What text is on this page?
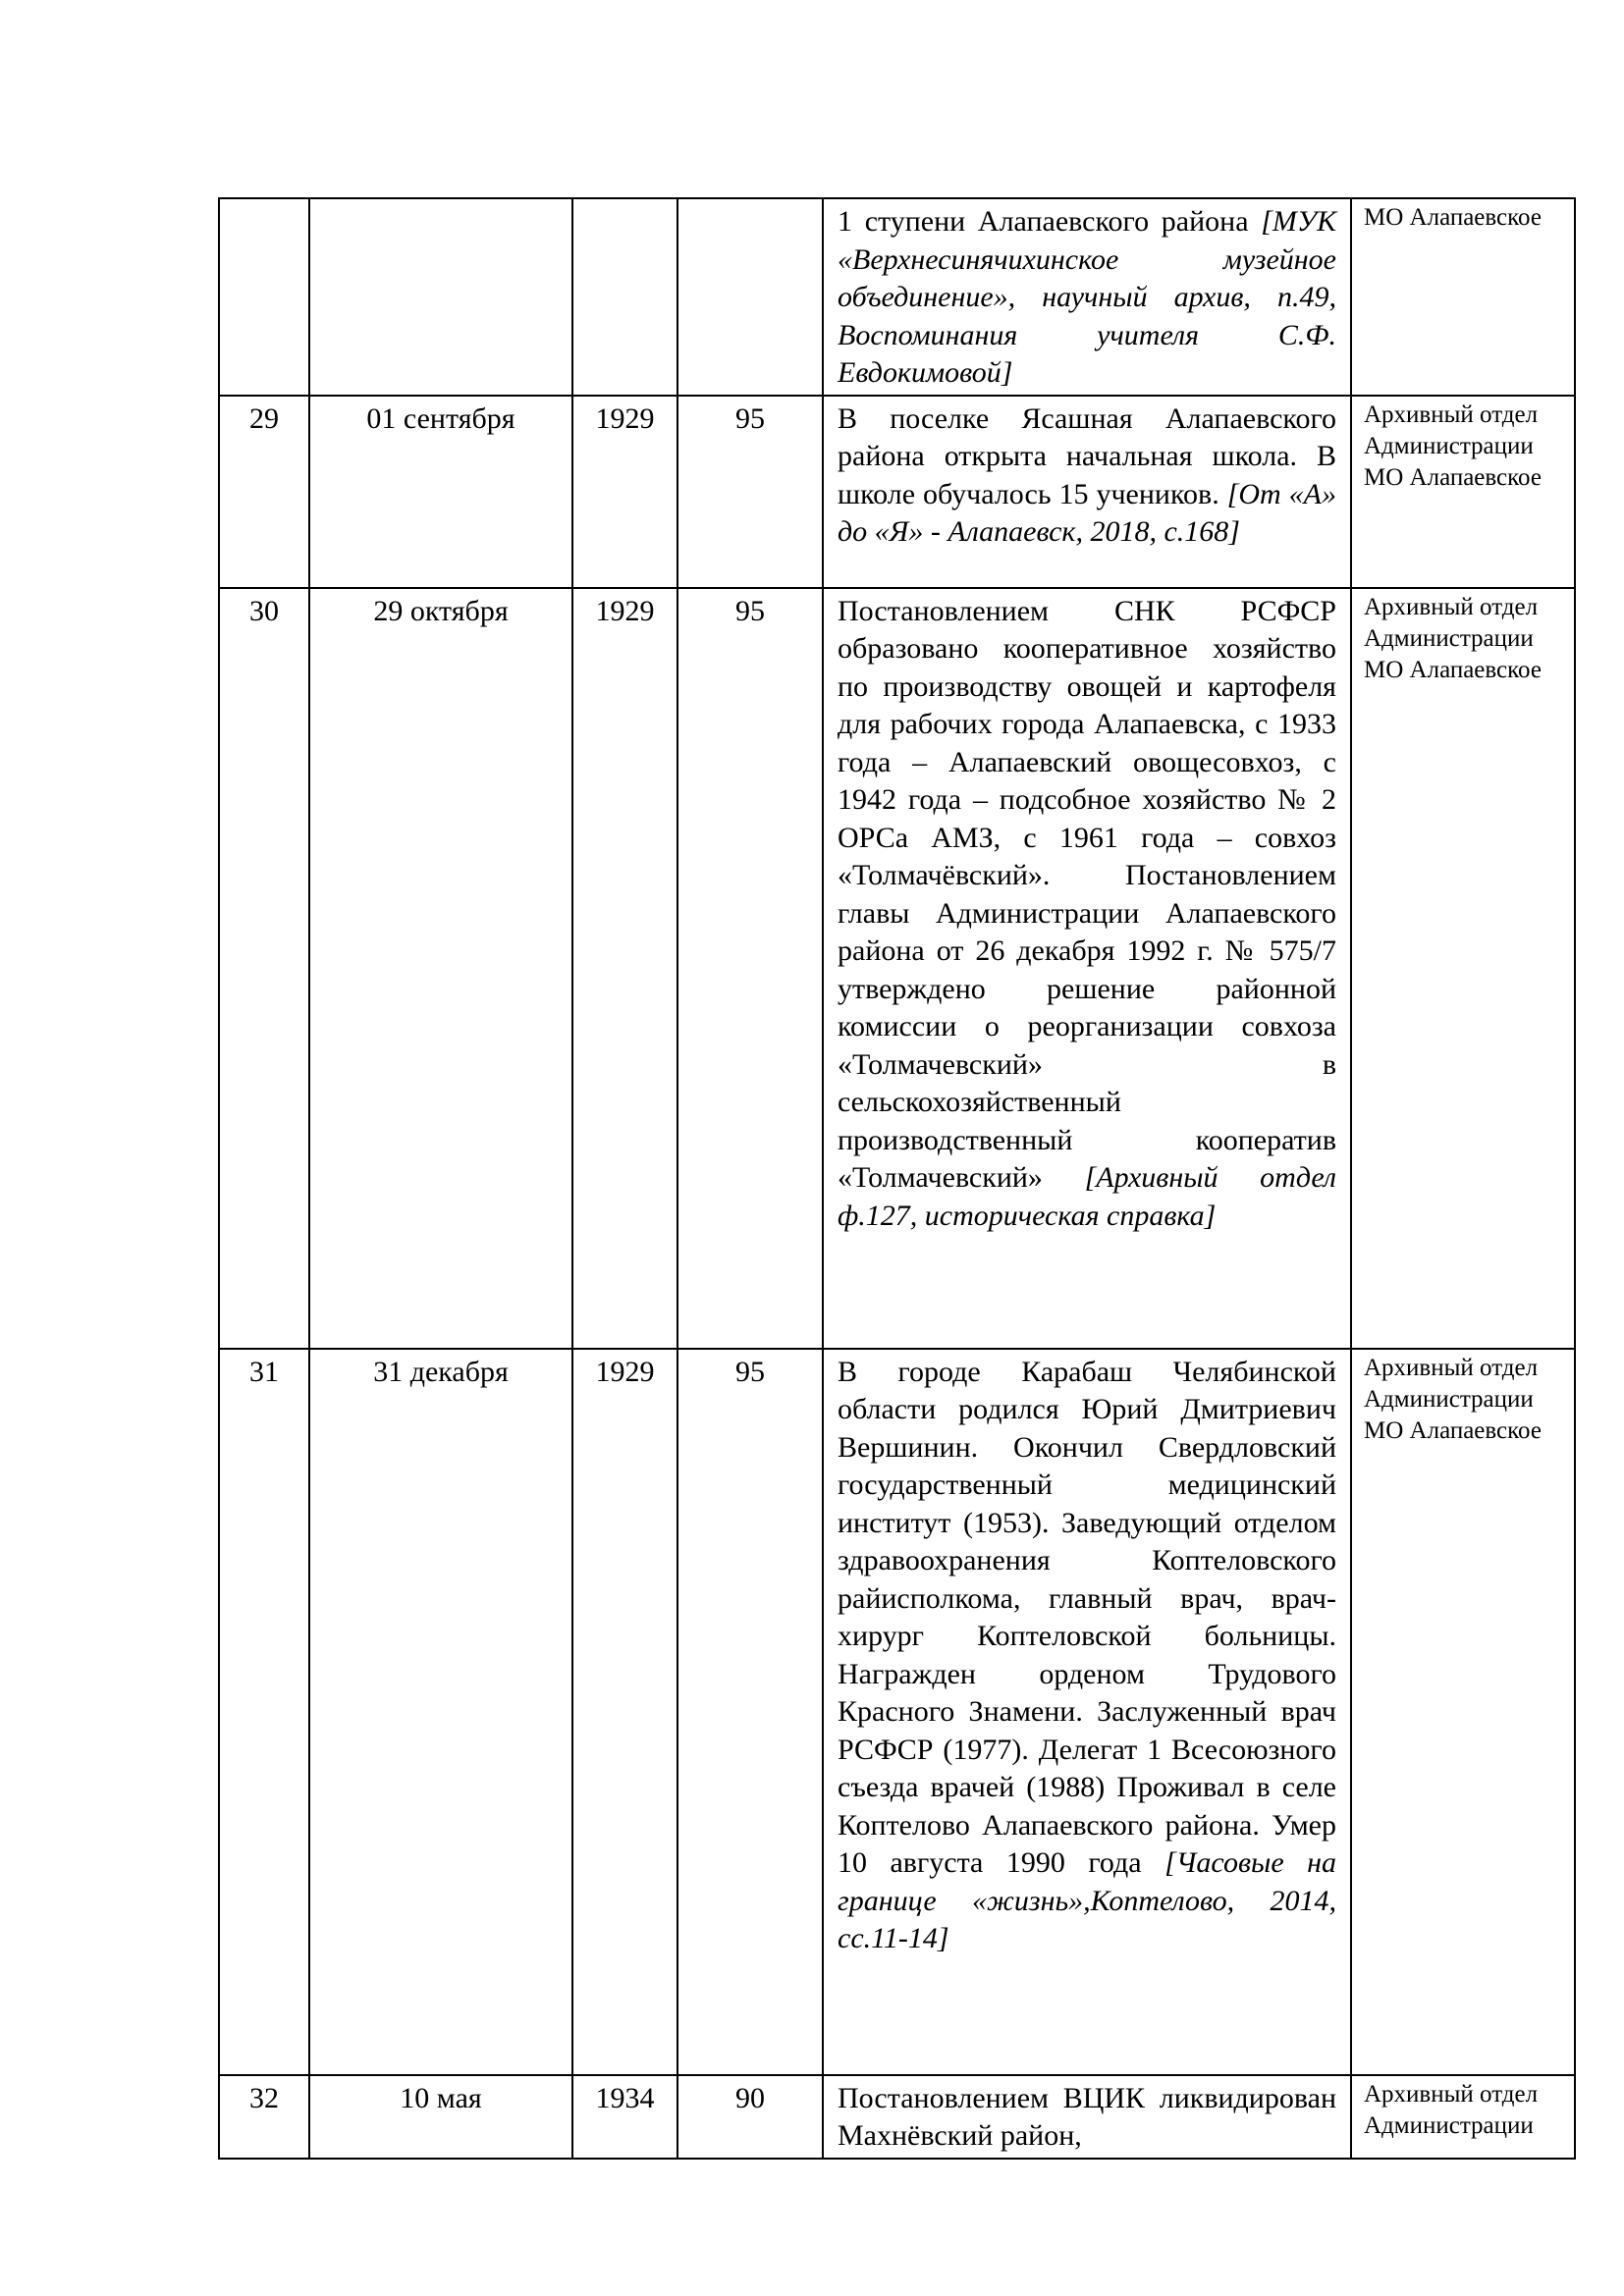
				1 ступени Алапаевского района [МУК «Верхнесинячихинское музейное объединение», научный архив, п.49, Воспоминания учителя С.Ф. Евдокимовой]	МО Алапаевское
29	01 сентября	1929	95	В поселке Ясашная Алапаевского района открыта начальная школа. В школе обучалось 15 учеников. [От «А» до «Я» - Алапаевск, 2018, с.168]	Архивный отдел Администрации МО Алапаевское
30	29 октября	1929	95	Постановлением СНК РСФСР образовано кооперативное хозяйство по производству овощей и картофеля для рабочих города Алапаевска, с 1933 года – Алапаевский овощесовхоз, с 1942 года – подсобное хозяйство № 2 ОРСа АМЗ, с 1961 года – совхоз «Толмачёвский». Постановлением главы Администрации Алапаевского района от 26 декабря 1992 г. № 575/7 утверждено решение районной комиссии о реорганизации совхоза «Толмачевский» в сельскохозяйственный производственный кооператив «Толмачевский» [Архивный отдел ф.127, историческая справка]	Архивный отдел Администрации МО Алапаевское
31	31 декабря	1929	95	В городе Карабаш Челябинской области родился Юрий Дмитриевич Вершинин. Окончил Свердловский государственный медицинский институт (1953). Заведующий отделом здравоохранения Коптеловского райисполкома, главный врач, врач-хирург Коптеловской больницы. Награжден орденом Трудового Красного Знамени. Заслуженный врач РСФСР (1977). Делегат 1 Всесоюзного съезда врачей (1988) Проживал в селе Коптелово Алапаевского района. Умер 10 августа 1990 года [Часовые на границе «жизнь»,Коптелово, 2014, сс.11-14]	Архивный отдел Администрации МО Алапаевское
32	10 мая	1934	90	Постановлением ВЦИК ликвидирован Махнёвский район,	Архивный отдел Администрации
